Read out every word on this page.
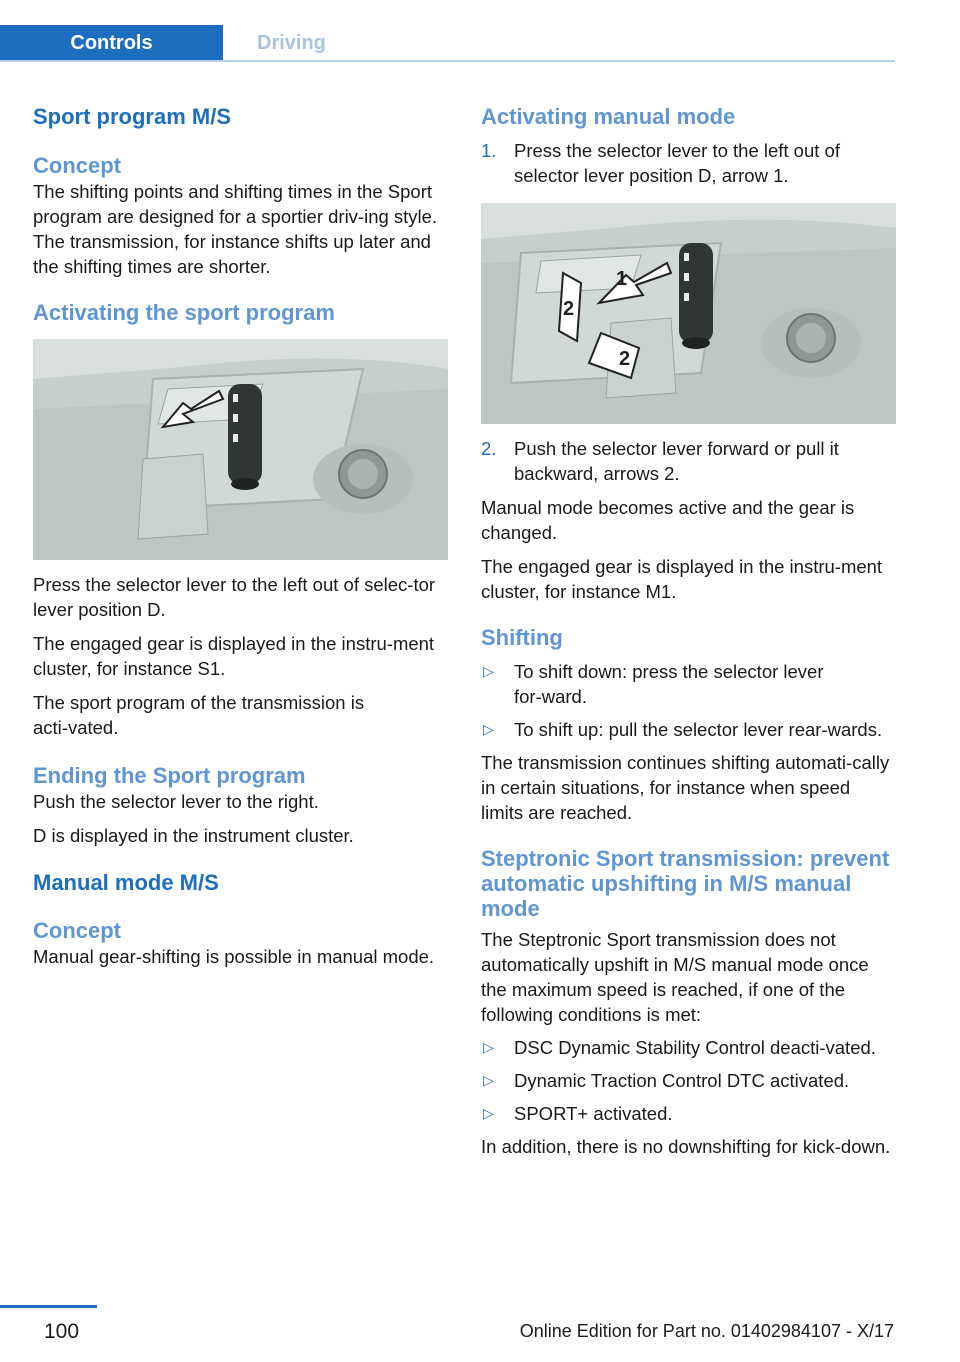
Controls	Driving
Sport program M/S
Concept

The shifting points and shifting times in the Sport program are designed for a sportier driv‑ing style. The transmission, for instance shifts up later and the shifting times are shorter.

Activating the sport program

Press the selector lever to the left out of selec‑tor lever position D.

The engaged gear is displayed in the instru‑ment cluster, for instance S1.

The sport program of the transmission is acti‑vated.

Ending the Sport program

Push the selector lever to the right.

D is displayed in the instrument cluster.

Manual mode M/S
Concept

Manual gear-shifting is possible in manual mode.

Activating manual mode
1. Press the selector lever to the left out of selector lever position D, arrow 1.
1
2
2
2. Push the selector lever forward or pull it backward, arrows 2.

Manual mode becomes active and the gear is changed.

The engaged gear is displayed in the instru‑ment cluster, for instance M1.

Shifting
▷ To shift down: press the selector lever for‑ward.
▷ To shift up: pull the selector lever rear‑wards.

The transmission continues shifting automati‑cally in certain situations, for instance when speed limits are reached.

Steptronic Sport transmission: prevent automatic upshifting in M/S manual mode

The Steptronic Sport transmission does not automatically upshift in M/S manual mode once the maximum speed is reached, if one of the following conditions is met:

▷ DSC Dynamic Stability Control deacti‑vated.
▷ Dynamic Traction Control DTC activated.
▷ SPORT+ activated.

In addition, there is no downshifting for kick‑down.

100	Online Edition for Part no. 01402984107 - X/17
